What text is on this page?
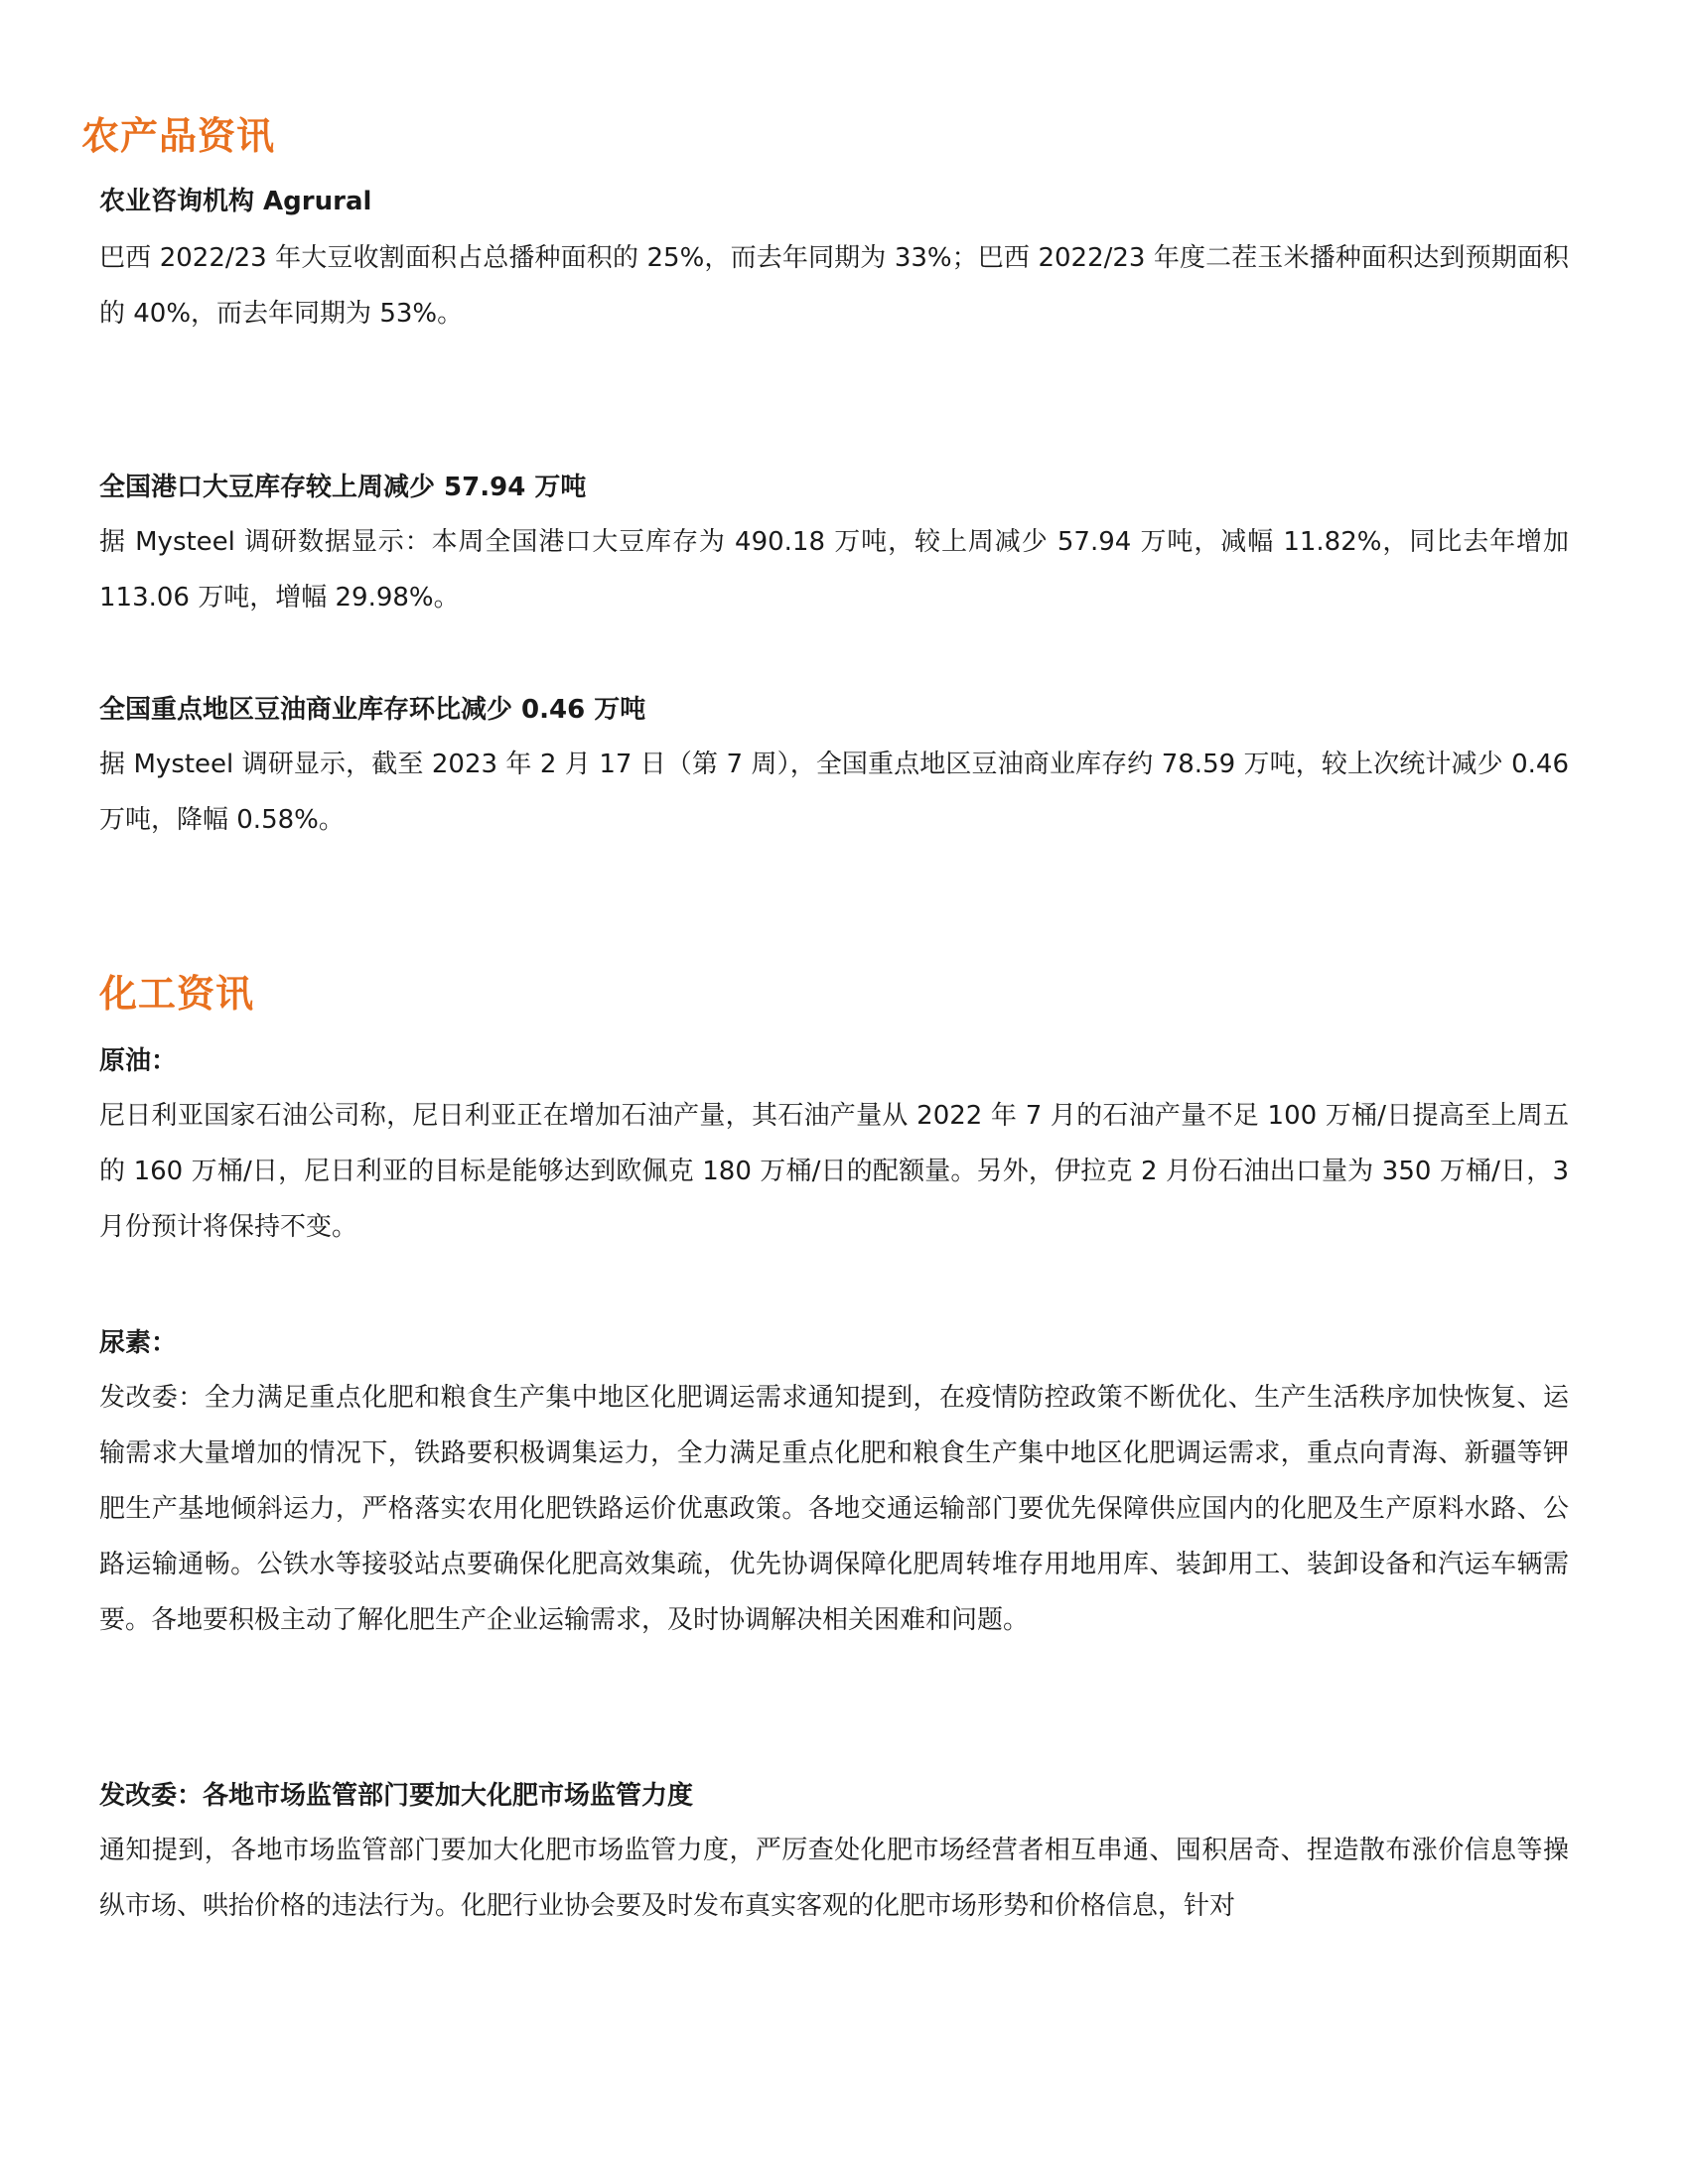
农产品资讯
农业咨询机构 Agrural

巴西 2022/23 年大豆收割面积占总播种面积的 25%，而去年同期为 33%；巴西 2022/23 年度二茬玉米播种面积达到预期面积的 40%，而去年同期为 53%。

全国港口大豆库存较上周减少 57.94 万吨

据 Mysteel 调研数据显示：本周全国港口大豆库存为 490.18 万吨，较上周减少 57.94 万吨，减幅 11.82%，同比去年增加 113.06 万吨，增幅 29.98%。

全国重点地区豆油商业库存环比减少 0.46 万吨

据 Mysteel 调研显示，截至 2023 年 2 月 17 日（第 7 周），全国重点地区豆油商业库存约 78.59 万吨，较上次统计减少 0.46 万吨，降幅 0.58%。

化工资讯
原油：

尼日利亚国家石油公司称，尼日利亚正在增加石油产量，其石油产量从 2022 年 7 月的石油产量不足 100 万桶/日提高至上周五的 160 万桶/日，尼日利亚的目标是能够达到欧佩克 180 万桶/日的配额量。另外，伊拉克 2 月份石油出口量为 350 万桶/日，3 月份预计将保持不变。

尿素：

发改委：全力满足重点化肥和粮食生产集中地区化肥调运需求通知提到，在疫情防控政策不断优化、生产生活秩序加快恢复、运输需求大量增加的情况下，铁路要积极调集运力，全力满足重点化肥和粮食生产集中地区化肥调运需求，重点向青海、新疆等钾肥生产基地倾斜运力，严格落实农用化肥铁路运价优惠政策。各地交通运输部门要优先保障供应国内的化肥及生产原料水路、公路运输通畅。公铁水等接驳站点要确保化肥高效集疏，优先协调保障化肥周转堆存用地用库、装卸用工、装卸设备和汽运车辆需要。各地要积极主动了解化肥生产企业运输需求，及时协调解决相关困难和问题。

发改委：各地市场监管部门要加大化肥市场监管力度

通知提到，各地市场监管部门要加大化肥市场监管力度，严厉查处化肥市场经营者相互串通、囤积居奇、捏造散布涨价信息等操纵市场、哄抬价格的违法行为。化肥行业协会要及时发布真实客观的化肥市场形势和价格信息，针对
